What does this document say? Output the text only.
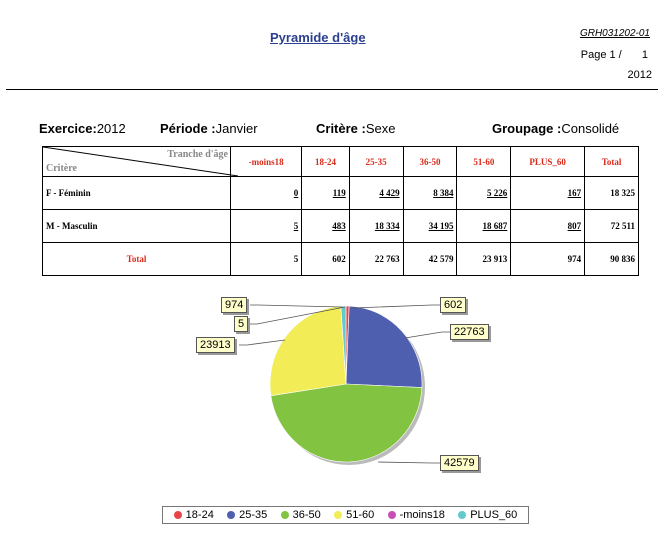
Pyramide d'âge	GRH031202-01
Page 1 / 1
2012
Exercice:2012	Période :Janvier	Critère :Sexe	Groupage :Consolidé
Tranche d'âge
Critère	-moins18	18-24	25-35	36-50	51-60	PLUS_60	Total
F - Féminin	0	119	4 429	8 384	5 226	167	18 325
M - Masculin	5	483	18 334	34 195	18 687	807	72 511
Total	5	602	22 763	42 579	23 913	974	90 836
602
22763
42579
23913
5
974
18-24 25-35 36-50 51-60 -moins18 PLUS_60
